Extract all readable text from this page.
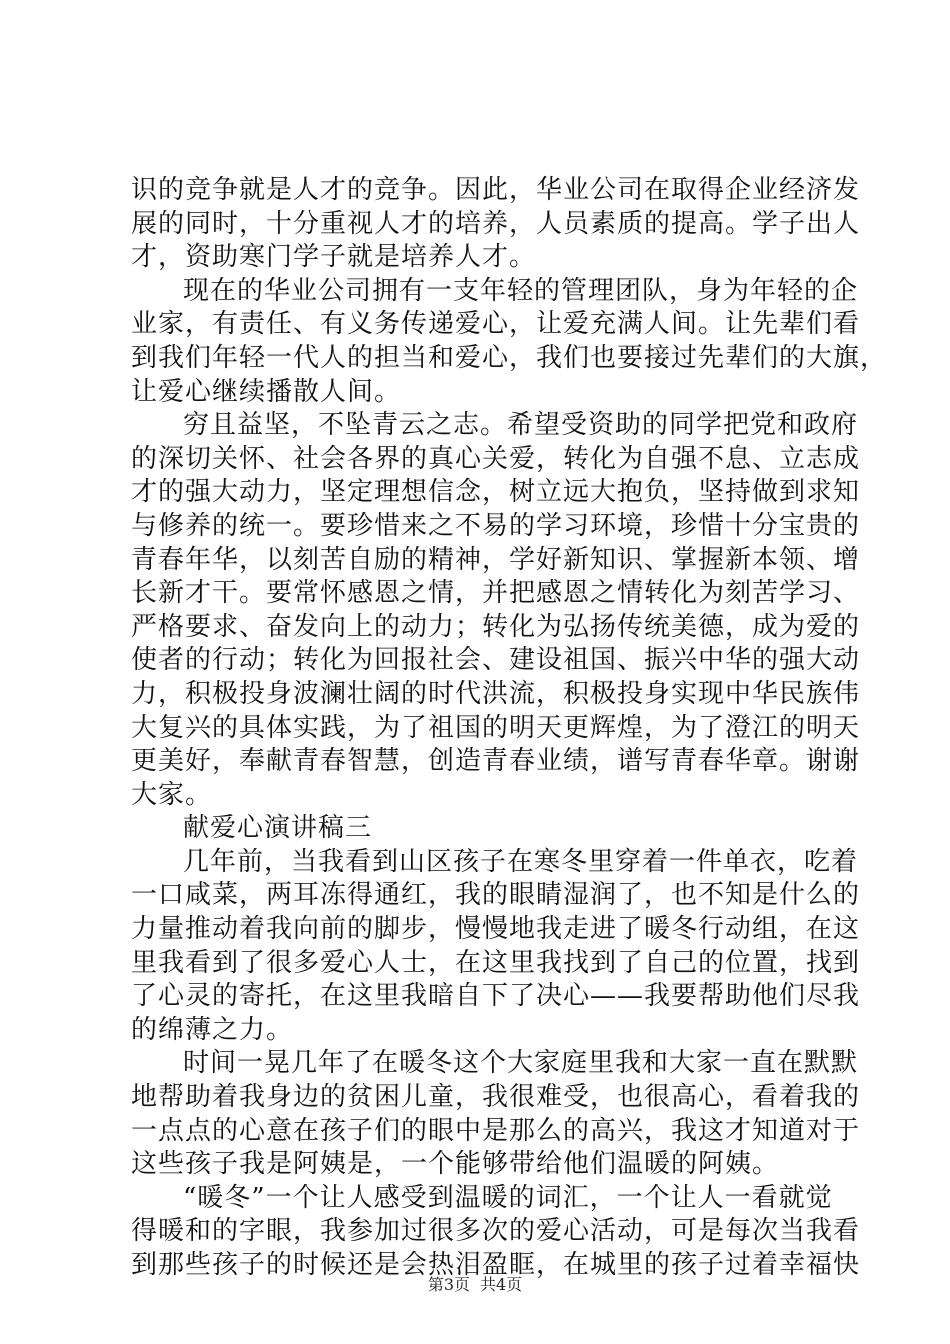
识的竞争就是人才的竞争。因此，华业公司在取得企业经济发
展的同时，十分重视人才的培养，人员素质的提高。学子出人
才，资助寒门学子就是培养人才。
现在的华业公司拥有一支年轻的管理团队，身为年轻的企
业家，有责任、有义务传递爱心，让爱充满人间。让先辈们看
到我们年轻一代人的担当和爱心，我们也要接过先辈们的大旗，
让爱心继续播散人间。
穷且益坚，不坠青云之志。希望受资助的同学把党和政府
的深切关怀、社会各界的真心关爱，转化为自强不息、立志成
才的强大动力，坚定理想信念，树立远大抱负，坚持做到求知
与修养的统一。要珍惜来之不易的学习环境，珍惜十分宝贵的
青春年华，以刻苦自励的精神，学好新知识、掌握新本领、增
长新才干。要常怀感恩之情，并把感恩之情转化为刻苦学习、
严格要求、奋发向上的动力；转化为弘扬传统美德，成为爱的
使者的行动；转化为回报社会、建设祖国、振兴中华的强大动
力，积极投身波澜壮阔的时代洪流，积极投身实现中华民族伟
大复兴的具体实践，为了祖国的明天更辉煌，为了澄江的明天
更美好，奉献青春智慧，创造青春业绩，谱写青春华章。谢谢
大家。
献爱心演讲稿三
几年前，当我看到山区孩子在寒冬里穿着一件单衣，吃着
一口咸菜，两耳冻得通红，我的眼睛湿润了，也不知是什么的
力量推动着我向前的脚步，慢慢地我走进了暖冬行动组，在这
里我看到了很多爱心人士，在这里我找到了自己的位置，找到
了心灵的寄托，在这里我暗自下了决心——我要帮助他们尽我
的绵薄之力。
时间一晃几年了在暖冬这个大家庭里我和大家一直在默默
地帮助着我身边的贫困儿童，我很难受，也很高心，看着我的
一点点的心意在孩子们的眼中是那么的高兴，我这才知道对于
这些孩子我是阿姨是，一个能够带给他们温暖的阿姨。
“暖冬”一个让人感受到温暖的词汇，一个让人一看就觉
得暖和的字眼，我参加过很多次的爱心活动，可是每次当我看
到那些孩子的时候还是会热泪盈眶，在城里的孩子过着幸福快
第3页 共4页
